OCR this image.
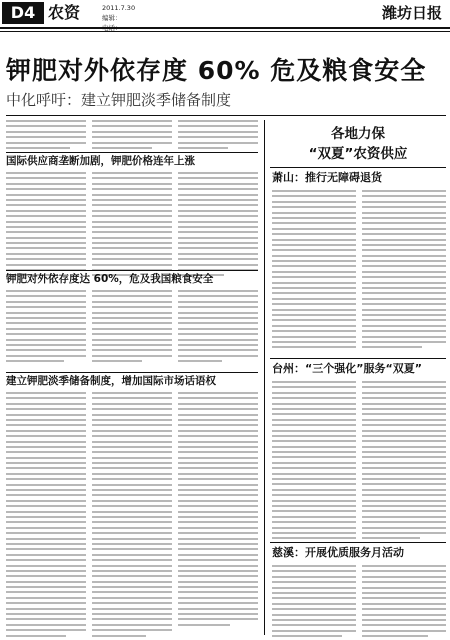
D4 农资	2011.7.30
编辑：	潍坊日报
钾肥对外依存度 60% 危及粮食安全
中化呼吁：建立钾肥淡季储备制度
国际供应商垄断加剧，钾肥价格连年上涨
钾肥对外依存度达 60%，危及我国粮食安全
建立钾肥淡季储备制度，增加国际市场话语权
各地力保
“双夏”农资供应
萧山：推行无障碍退货
台州：“三个强化”服务“双夏”
慈溪：开展优质服务月活动
